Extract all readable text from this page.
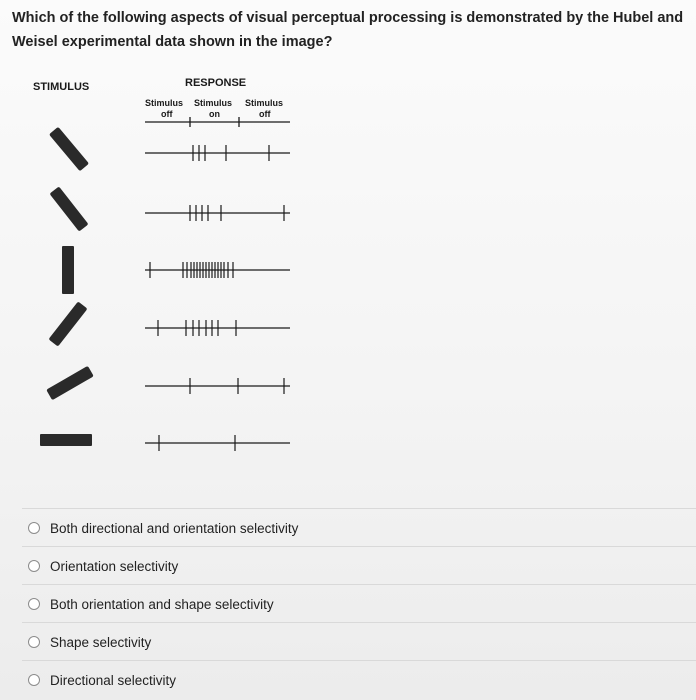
Which of the following aspects of visual perceptual processing is demonstrated by the Hubel and Weisel experimental data shown in the image?
STIMULUS	RESPONSE
Stimulus Stimulus Stimulus
off	on	off
Both directional and orientation selectivity
Orientation selectivity
Both orientation and shape selectivity
Shape selectivity
Directional selectivity
